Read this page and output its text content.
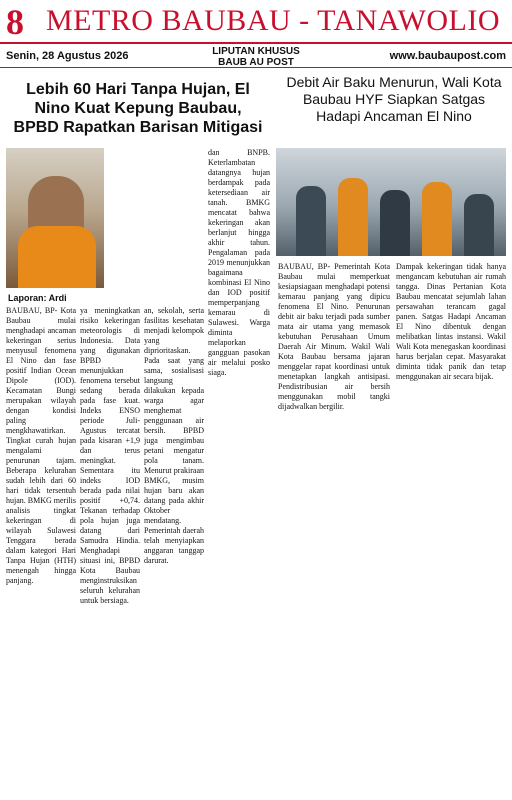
8 METRO BAUBAU - TANAWOLIO
Senin, 28 Agustus 2026	LIPUTAN KHUSUS
BAUB AU POST
www.baubaupost.com
Lebih 60 Hari Tanpa Hujan, El Nino Kuat Kepung Baubau, BPBD Rapatkan Barisan Mitigasi
Debit Air Baku Menurun, Wali Kota Baubau HYF Siapkan Satgas Hadapi Ancaman El Nino
Laporan: Ardi

BAUBAU, BP- Kota Baubau mulai menghadapi ancaman kekeringan serius menyusul fenomena El Nino dan fase positif Indian Ocean Dipole (IOD). Kecamatan Bungi merupakan wilayah dengan kondisi paling mengkhawatirkan. Tingkat curah hujan mengalami penurunan tajam. Beberapa kelurahan sudah lebih dari 60 hari tidak tersentuh hujan. BMKG merilis analisis tingkat kekeringan di wilayah Sulawesi Tenggara berada dalam kategori Hari Tanpa Hujan (HTH) menengah hingga panjang.

ya meningkatkan risiko kekeringan meteorologis di Indonesia. Data yang digunakan BPBD menunjukkan fenomena tersebut sedang berada pada fase kuat. Indeks ENSO periode Juli-Agustus tercatat pada kisaran +1,9 dan terus meningkat. Sementara itu indeks IOD berada pada nilai positif +0,74. Tekanan terhadap pola hujan juga datang dari Samudra Hindia. Menghadapi situasi ini, BPBD Kota Baubau menginstruksikan seluruh kelurahan untuk bersiaga.

an, sekolah, serta fasilitas kesehatan menjadi kelompok yang diprioritaskan. Pada saat yang sama, sosialisasi langsung dilakukan kepada warga agar menghemat penggunaan air bersih. BPBD juga mengimbau petani mengatur pola tanam. Menurut prakiraan BMKG, musim hujan baru akan datang pada akhir Oktober mendatang. Pemerintah daerah telah menyiapkan anggaran tanggap darurat.

dan BNPB. Keterlambatan datangnya hujan berdampak pada ketersediaan air tanah. BMKG mencatat bahwa kekeringan akan berlanjut hingga akhir tahun. Pengalaman pada 2019 menunjukkan bagaimana kombinasi El Nino dan IOD positif memperpanjang kemarau di Sulawesi. Warga diminta melaporkan gangguan pasokan air melalui posko siaga.

BAUBAU, BP- Pemerintah Kota Baubau mulai memperkuat kesiapsiagaan menghadapi potensi kemarau panjang yang dipicu fenomena El Nino. Penurunan debit air baku terjadi pada sumber mata air utama yang memasok kebutuhan Perusahaan Umum Daerah Air Minum. Wakil Wali Kota Baubau bersama jajaran menggelar rapat koordinasi untuk menetapkan langkah antisipasi. Pendistribusian air bersih menggunakan mobil tangki dijadwalkan bergilir.

Dampak kekeringan tidak hanya mengancam kebutuhan air rumah tangga. Dinas Pertanian Kota Baubau mencatat sejumlah lahan persawahan terancam gagal panen. Satgas Hadapi Ancaman El Nino dibentuk dengan melibatkan lintas instansi. Wakil Wali Kota menegaskan koordinasi harus berjalan cepat. Masyarakat diminta tidak panik dan tetap menggunakan air secara bijak.
